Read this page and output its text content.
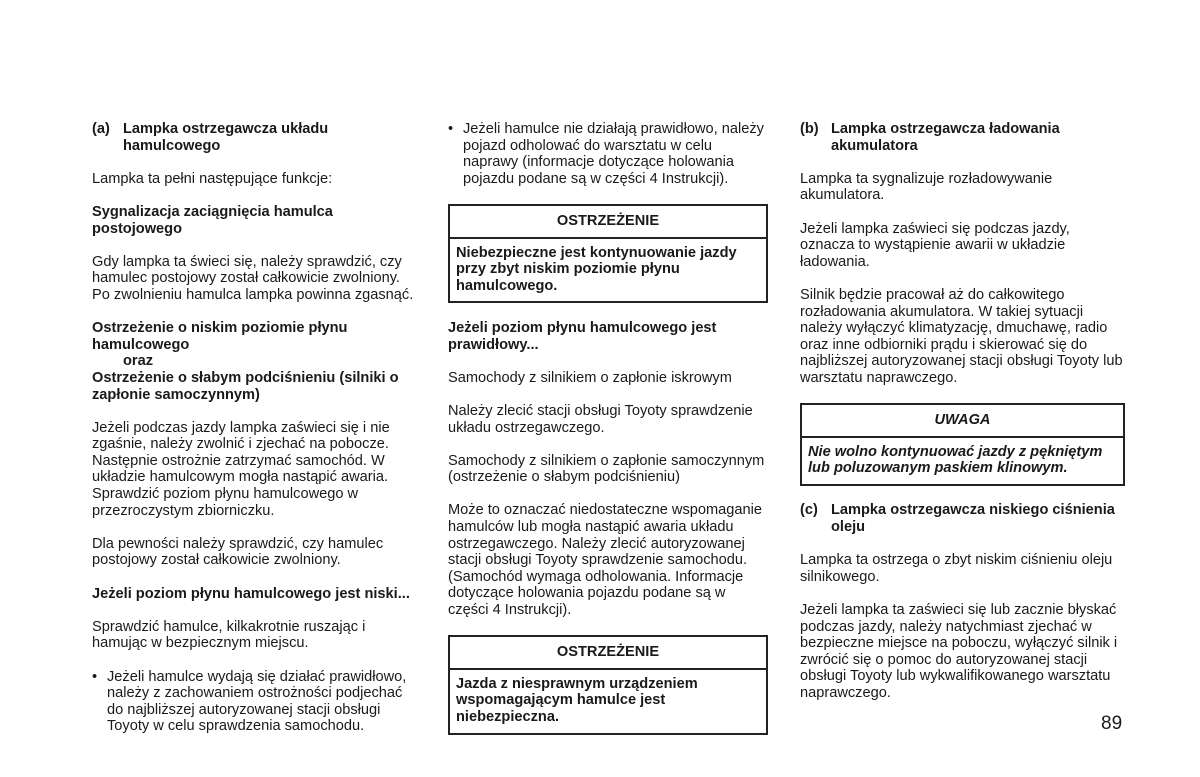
(a) Lampka ostrzegawcza układu hamulcowego

Lampka ta pełni następujące funkcje:

Sygnalizacja zaciągnięcia hamulca postojowego

Gdy lampka ta świeci się, należy sprawdzić, czy hamulec postojowy został całkowicie zwolniony. Po zwolnieniu hamulca lampka powinna zgasnąć.

Ostrzeżenie o niskim poziomie płynu hamulcowego
oraz
Ostrzeżenie o słabym podciśnieniu (silniki o zapłonie samoczynnym)

Jeżeli podczas jazdy lampka zaświeci się i nie zgaśnie, należy zwolnić i zjechać na pobocze. Następnie ostrożnie zatrzymać samochód. W układzie hamulcowym mogła nastąpić awaria. Sprawdzić poziom płynu hamulcowego w przezroczystym zbiorniczku.

Dla pewności należy sprawdzić, czy hamulec postojowy został całkowicie zwolniony.

Jeżeli poziom płynu hamulcowego jest niski...

Sprawdzić hamulce, kilkakrotnie ruszając i hamując w bezpiecznym miejscu.

• Jeżeli hamulce wydają się działać prawidłowo, należy z zachowaniem ostrożności podjechać do najbliższej autoryzowanej stacji obsługi Toyoty w celu sprawdzenia samochodu.
• Jeżeli hamulce nie działają prawidłowo, należy pojazd odholować do warsztatu w celu naprawy (informacje dotyczące holowania pojazdu podane są w części 4 Instrukcji).
OSTRZEŻENIE
Niebezpieczne jest kontynuowanie jazdy przy zbyt niskim poziomie płynu hamulcowego.

Jeżeli poziom płynu hamulcowego jest prawidłowy...

Samochody z silnikiem o zapłonie iskrowym

Należy zlecić stacji obsługi Toyoty sprawdzenie układu ostrzegawczego.

Samochody z silnikiem o zapłonie samoczynnym (ostrzeżenie o słabym podciśnieniu)

Może to oznaczać niedostateczne wspomaganie hamulców lub mogła nastąpić awaria układu ostrzegawczego. Należy zlecić autoryzowanej stacji obsługi Toyoty sprawdzenie samochodu. (Samochód wymaga odholowania. Informacje dotyczące holowania pojazdu podane są w części 4 Instrukcji).

OSTRZEŻENIE
Jazda z niesprawnym urządzeniem wspomagającym hamulce jest niebezpieczna.
(b) Lampka ostrzegawcza ładowania akumulatora

Lampka ta sygnalizuje rozładowywanie akumulatora.

Jeżeli lampka zaświeci się podczas jazdy, oznacza to wystąpienie awarii w układzie ładowania.

Silnik będzie pracował aż do całkowitego rozładowania akumulatora. W takiej sytuacji należy wyłączyć klimatyzację, dmuchawę, radio oraz inne odbiorniki prądu i skierować się do najbliższej autoryzowanej stacji obsługi Toyoty lub warsztatu naprawczego.

UWAGA
Nie wolno kontynuować jazdy z pękniętym lub poluzowanym paskiem klinowym.
(c) Lampka ostrzegawcza niskiego ciśnienia oleju

Lampka ta ostrzega o zbyt niskim ciśnieniu oleju silnikowego.

Jeżeli lampka ta zaświeci się lub zacznie błyskać podczas jazdy, należy natychmiast zjechać w bezpieczne miejsce na poboczu, wyłączyć silnik i zwrócić się o pomoc do autoryzowanej stacji obsługi Toyoty lub wykwalifikowanego warsztatu naprawczego.

89
